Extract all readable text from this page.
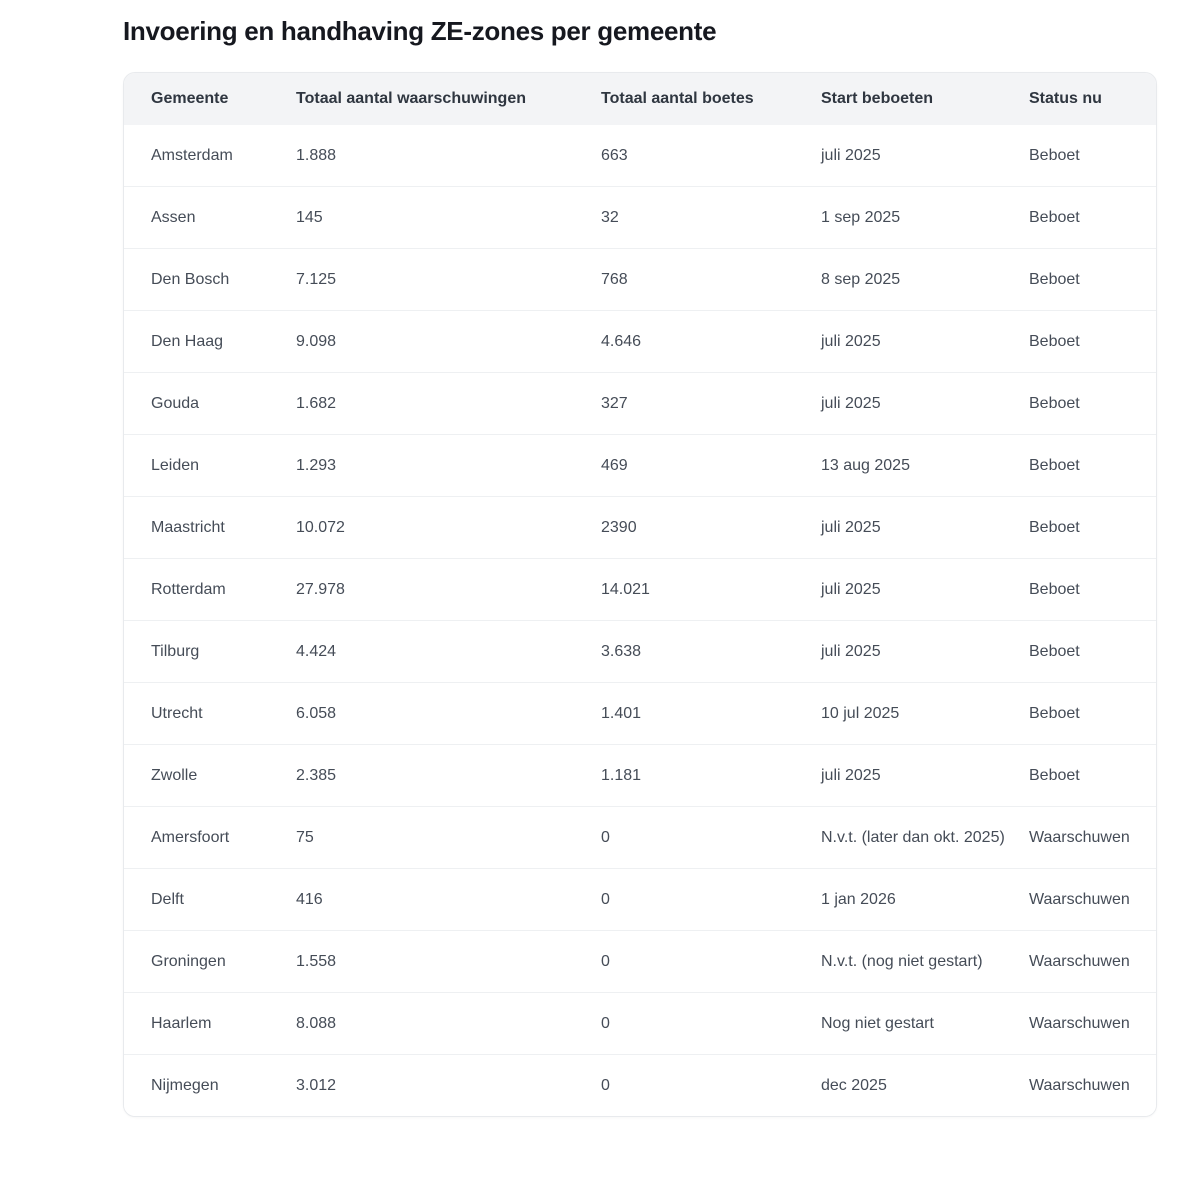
Invoering en handhaving ZE-zones per gemeente
Gemeente	Totaal aantal waarschuwingen	Totaal aantal boetes	Start beboeten	Status nu
Amsterdam	1.888	663	juli 2025	Beboet
Assen	145	32	1 sep 2025	Beboet
Den Bosch	7.125	768	8 sep 2025	Beboet
Den Haag	9.098	4.646	juli 2025	Beboet
Gouda	1.682	327	juli 2025	Beboet
Leiden	1.293	469	13 aug 2025	Beboet
Maastricht	10.072	2390	juli 2025	Beboet
Rotterdam	27.978	14.021	juli 2025	Beboet
Tilburg	4.424	3.638	juli 2025	Beboet
Utrecht	6.058	1.401	10 jul 2025	Beboet
Zwolle	2.385	1.181	juli 2025	Beboet
Amersfoort	75	0	N.v.t. (later dan okt. 2025)	Waarschuwen
Delft	416	0	1 jan 2026	Waarschuwen
Groningen	1.558	0	N.v.t. (nog niet gestart)	Waarschuwen
Haarlem	8.088	0	Nog niet gestart	Waarschuwen
Nijmegen	3.012	0	dec 2025	Waarschuwen
